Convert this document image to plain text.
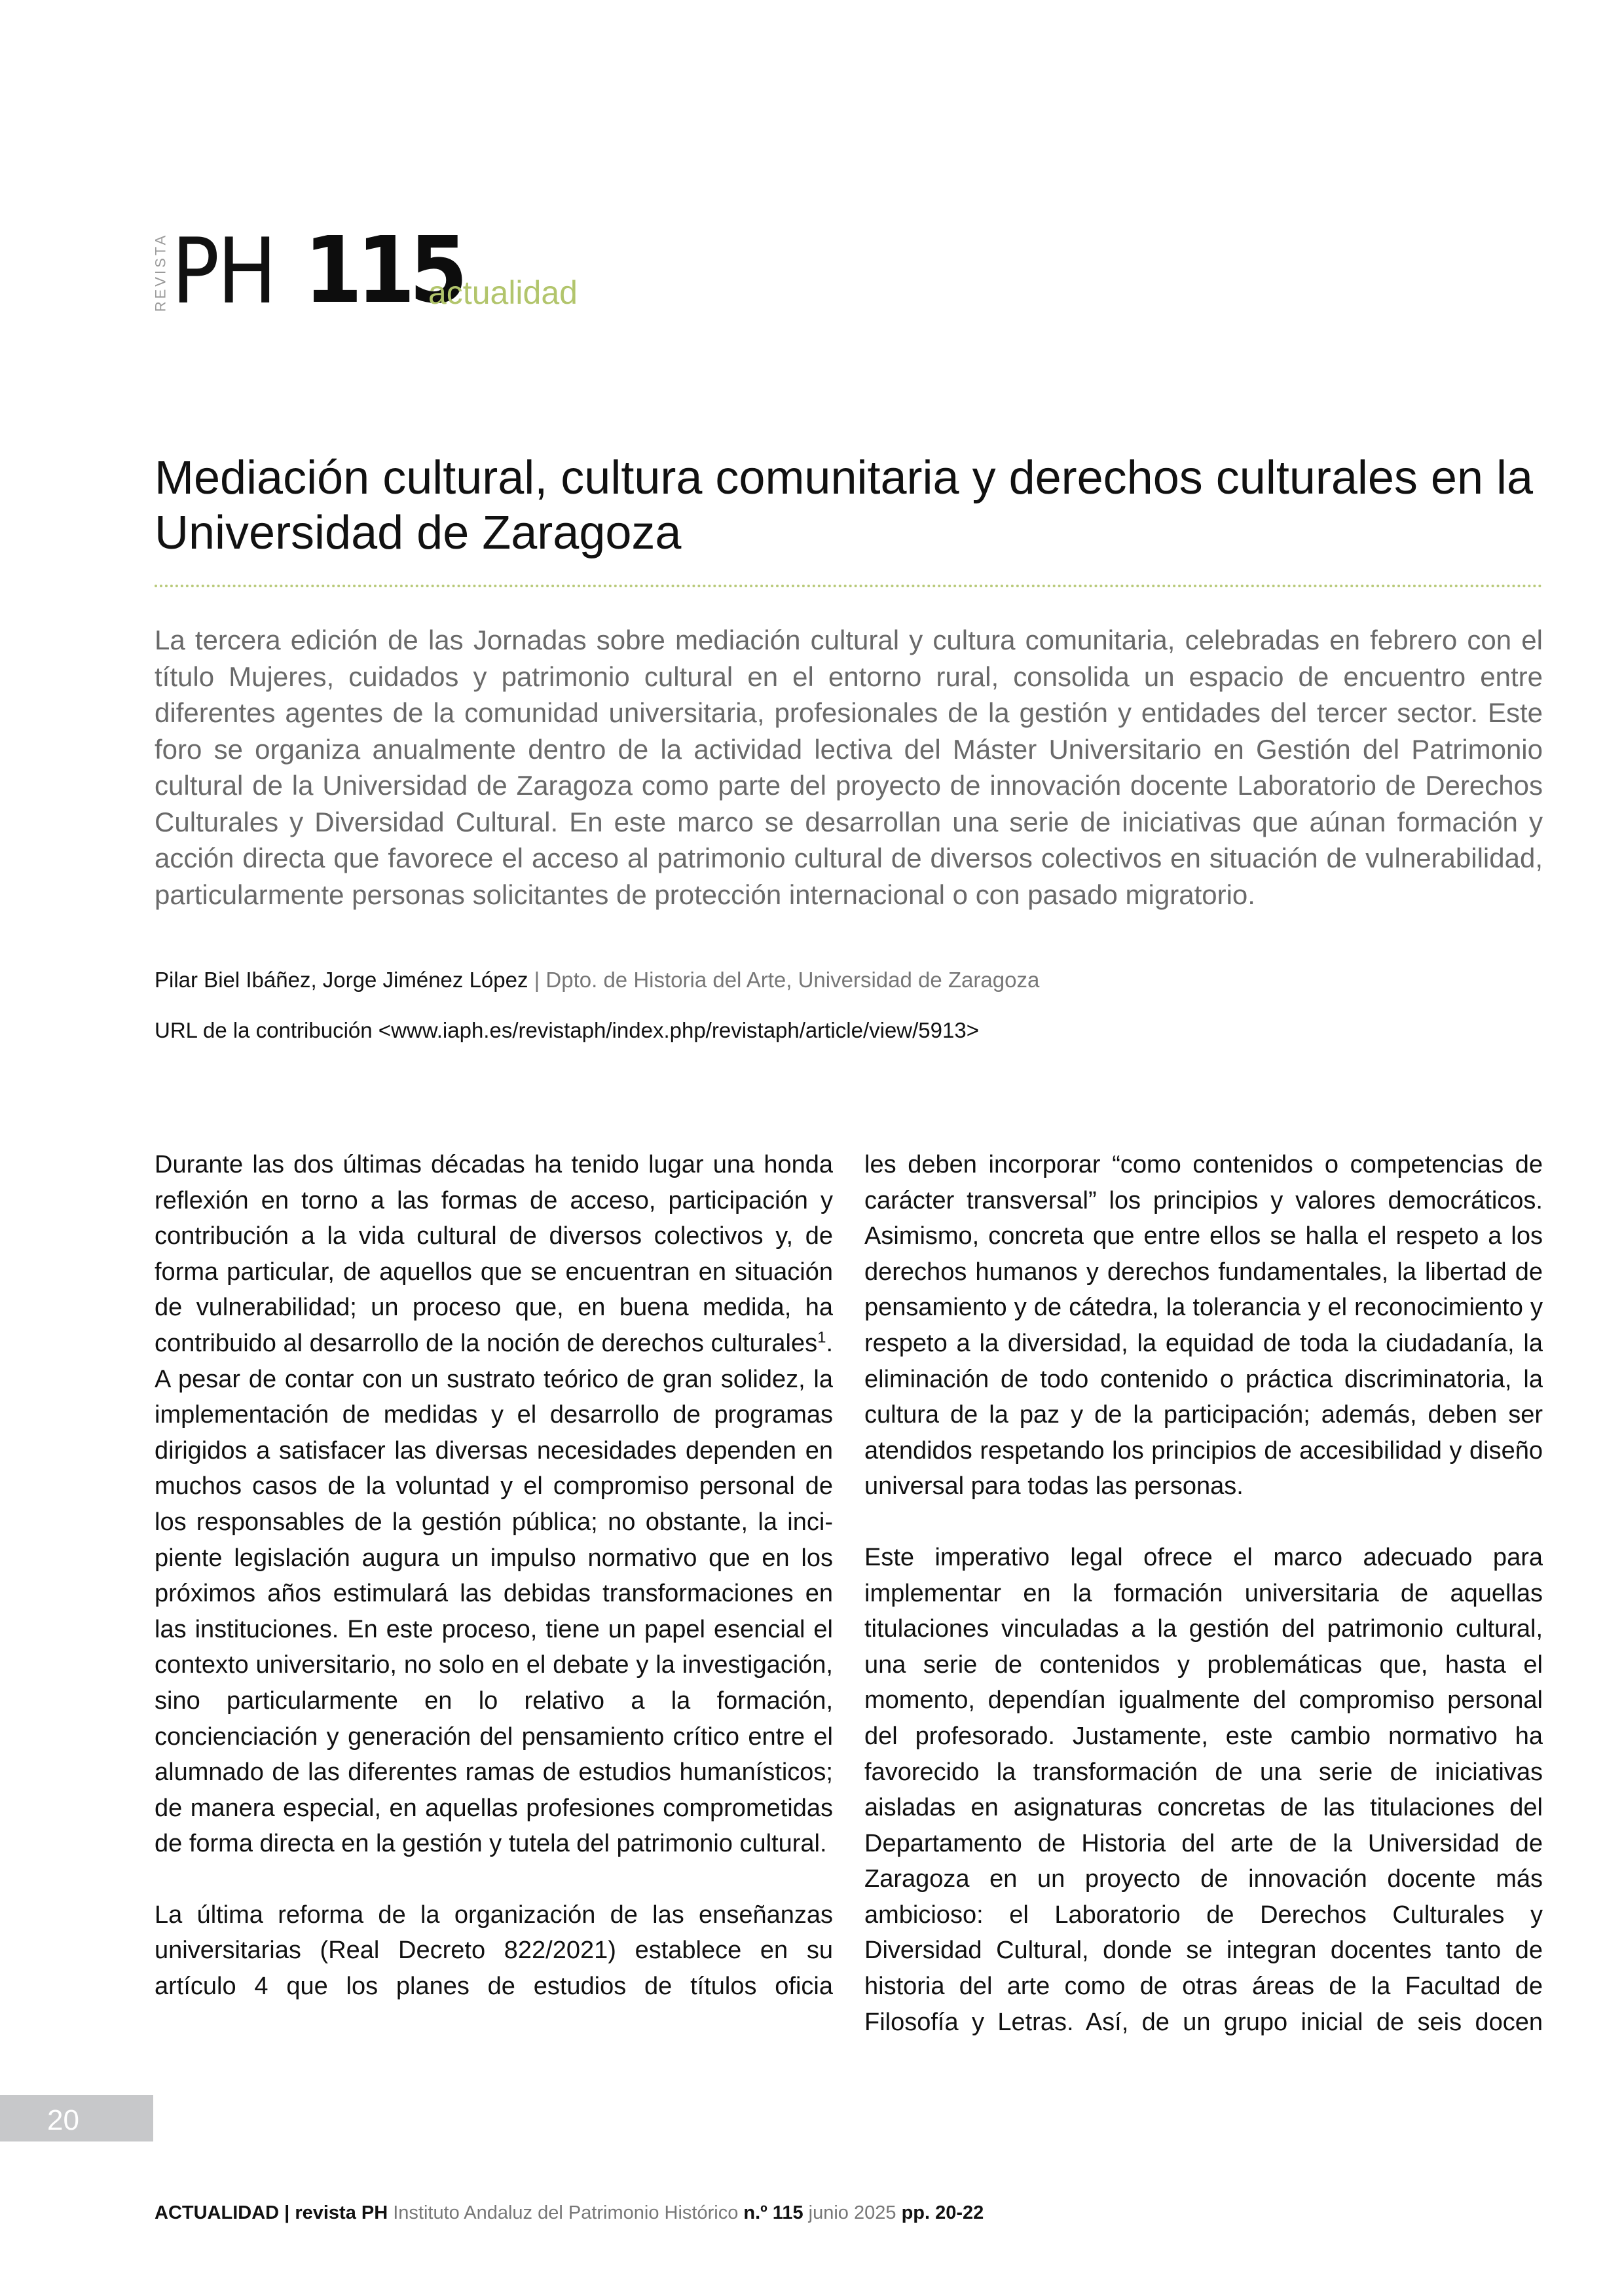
REVISTA PH 115
actualidad
Mediación cultural, cultura comunitaria y derechos culturales en la Universidad de Zaragoza

La tercera edición de las Jornadas sobre mediación cultural y cultura comunitaria, celebradas en febrero con el título Mujeres, cuidados y patrimonio cultural en el entorno rural, consolida un espacio de encuentro entre diferentes agentes de la comunidad universitaria, profesionales de la gestión y entidades del tercer sector. Este foro se organiza anualmente dentro de la actividad lectiva del Máster Universitario en Gestión del Patrimonio cultural de la Universidad de Zaragoza como parte del proyecto de innovación docente Laboratorio de Derechos Culturales y Diversidad Cultural. En este marco se desarrollan una serie de iniciativas que aúnan formación y acción directa que favorece el acceso al patrimonio cultural de diversos colectivos en situación de vulnerabilidad, particularmente personas solicitantes de protección internacional o con pasado migratorio.

Pilar Biel Ibáñez, Jorge Jiménez López | Dpto. de Historia del Arte, Universidad de Zaragoza
URL de la contribución <www.iaph.es/revistaph/index.php/revistaph/article/view/5913>

Durante las dos últimas décadas ha tenido lugar una honda reflexión en torno a las formas de acceso, participación y contribución a la vida cultural de diversos colectivos y, de forma particular, de aquellos que se encuentran en situación de vulnerabilidad; un proceso que, en buena medida, ha contribuido al desarrollo de la noción de derechos culturales$^1$. A pesar de contar con un sustrato teórico de gran solidez, la implementación de medidas y el desarrollo de programas dirigidos a satisfacer las diversas necesidades dependen en muchos casos de la voluntad y el compromiso personal de los responsables de la gestión pública; no obstante, la incipiente legislación augura un impulso normativo que en los próximos años estimulará las debidas transformaciones en las instituciones. En este proceso, tiene un papel esencial el contexto universitario, no solo en el debate y la investigación, sino particularmente en lo relativo a la formación, concienciación y generación del pensamiento crítico entre el alumnado de las diferentes ramas de estudios humanísticos; de manera especial, en aquellas profesiones comprometidas de forma directa en la gestión y tutela del patrimonio cultural.

La última reforma de la organización de las enseñanzas universitarias (Real Decreto 822/2021) establece en su artículo 4 que los planes de estudios de títulos oficia

les deben incorporar “como contenidos o competencias de carácter transversal” los principios y valores democráticos. Asimismo, concreta que entre ellos se halla el respeto a los derechos humanos y derechos fundamentales, la libertad de pensamiento y de cátedra, la tolerancia y el reconocimiento y respeto a la diversidad, la equidad de toda la ciudadanía, la eliminación de todo contenido o práctica discriminatoria, la cultura de la paz y de la participación; además, deben ser atendidos respetando los principios de accesibilidad y diseño universal para todas las personas.

Este imperativo legal ofrece el marco adecuado para implementar en la formación universitaria de aquellas titulaciones vinculadas a la gestión del patrimonio cultural, una serie de contenidos y problemáticas que, hasta el momento, dependían igualmente del compromiso personal del profesorado. Justamente, este cambio normativo ha favorecido la transformación de una serie de iniciativas aisladas en asignaturas concretas de las titulaciones del Departamento de Historia del arte de la Universidad de Zaragoza en un proyecto de innovación docente más ambicioso: el Laboratorio de Derechos Culturales y Diversidad Cultural, donde se integran docentes tanto de historia del arte como de otras áreas de la Facultad de Filosofía y Letras. Así, de un grupo inicial de seis docen

20
ACTUALIDAD | revista PH Instituto Andaluz del Patrimonio Histórico n.º 115 junio 2025 pp. 20-22
